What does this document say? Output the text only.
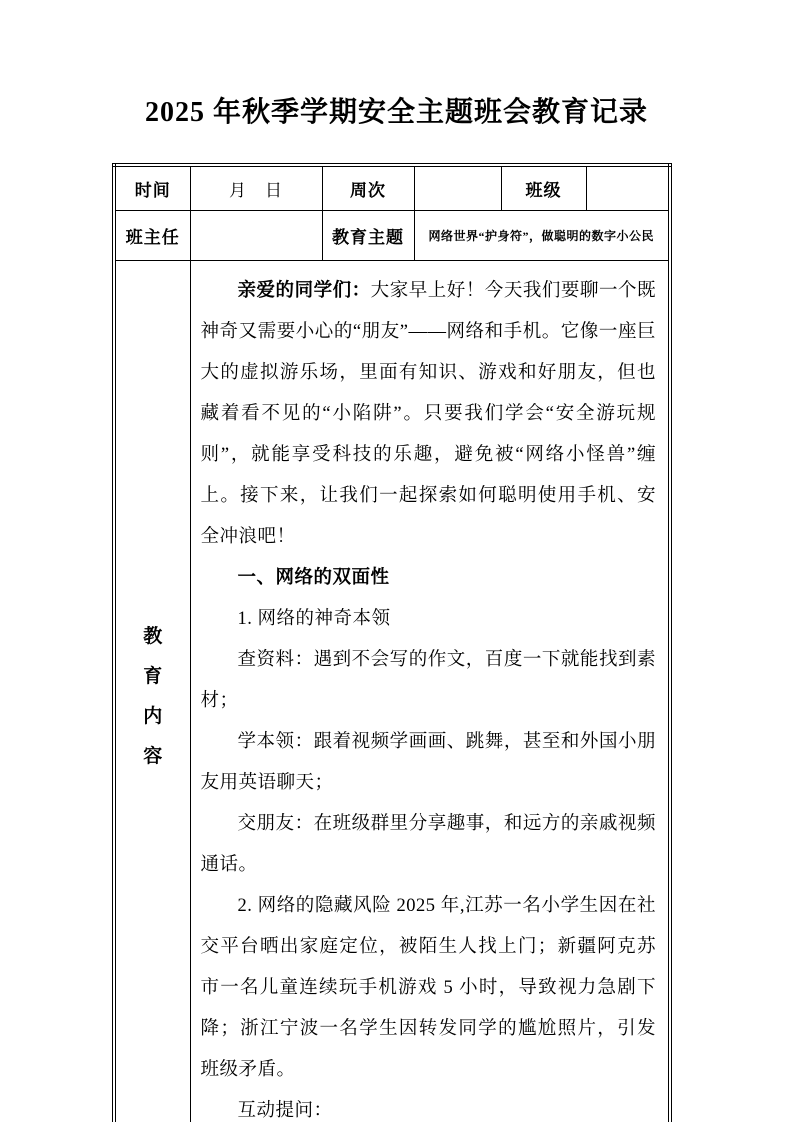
2025 年秋季学期安全主题班会教育记录
时间	月　日	周次		班级	
班主任		教育主题	网络世界“护身符”，做聪明的数字小公民		

教
育
内
容

亲爱的同学们：大家早上好！今天我们要聊一个既神奇又需要小心的“朋友”——网络和手机。它像一座巨大的虚拟游乐场，里面有知识、游戏和好朋友，但也藏着看不见的“小陷阱”。只要我们学会“安全游玩规则”，就能享受科技的乐趣，避免被“网络小怪兽”缠上。接下来，让我们一起探索如何聪明使用手机、安全冲浪吧！

一、网络的双面性

1. 网络的神奇本领

查资料：遇到不会写的作文，百度一下就能找到素材；

学本领：跟着视频学画画、跳舞，甚至和外国小朋友用英语聊天；

交朋友：在班级群里分享趣事，和远方的亲戚视频通话。

2. 网络的隐藏风险 2025 年,江苏一名小学生因在社交平台晒出家庭定位，被陌生人找上门；新疆阿克苏市一名儿童连续玩手机游戏 5 小时，导致视力急剧下降；浙江宁波一名学生因转发同学的尴尬照片，引发班级矛盾。

互动提问：
